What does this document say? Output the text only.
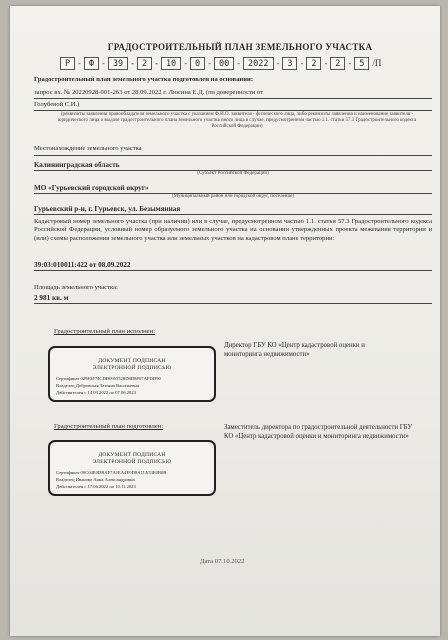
ГРАДОСТРОИТЕЛЬНЫЙ ПЛАН ЗЕМЕЛЬНОГО УЧАСТКА
Р - Ф - 39 - 2 - 10 - 0 - 00 - 2022 - 3 - 2 - 2 - 5 /П
Градостроительный план земельного участка подготовлен на основании:
запрос вх. № 20220928-001-263 от 28.09.2022 г. Люсина Е.Д. (по доверенности от
Голубевой С.И.)
(реквизиты заявления правообладателя земельного участка с указанием Ф.И.О. заявителя - физического лица, либо реквизиты заявления и наименование заявителя - юридического лица о выдаче градостроительного плана земельного участка иного лица в случае, предусмотренном частью 1.1. статьи 57.3 Градостроительного кодекса Российской Федерации)
Местонахождение земельного участка
Калининградская область
(Субъект Российской Федерации)
МО «Гурьевский городской округ»
(Муниципальный район или городской округ, поселение)
Гурьевский р-н, г. Гурьевск, ул. Безымянная
Кадастровый номер земельного участка (при наличии) или в случае, предусмотренном частью 1.1. статьи 57.3 Градостроительного кодекса Российской Федерации, условный номер образуемого земельного участка на основании утвержденных проекта межевания территории и (или) схемы расположения земельного участка или земельных участков на кадастровом плане территории:
39:03:010011:422 от 08.09.2022
Площадь земельного участка:
2 981 кв. м
Градостроительный план исполнен:
ДОКУМЕНТ ПОДПИСАН
ЭЛЕКТРОННОЙ ПОДПИСЬЮ
Сертификат 029F3F74CDD0955528D8D8F07AFDD90
Владелец Добровская Татьяна Васильевна
Действителен с 14.03.2022 по 07.06.2023
Директор ГБУ КО «Центр кадастровой оценки и мониторинга недвижимости»
Градостроительный план подготовлен:
ДОКУМЕНТ ПОДПИСАН
ЭЛЕКТРОННОЙ ПОДПИСЬЮ
Сертификат 00C04E0DBAF7A1EA4E9D8A11A53E0B0B
Владелец Иванова Анна Александровна
Действителен с 17.06.2022 по 10.11.2023
Заместитель директора по градостроительной деятельности ГБУ КО «Центр кадастровой оценки и мониторинга недвижимости»
Дата 07.10.2022
